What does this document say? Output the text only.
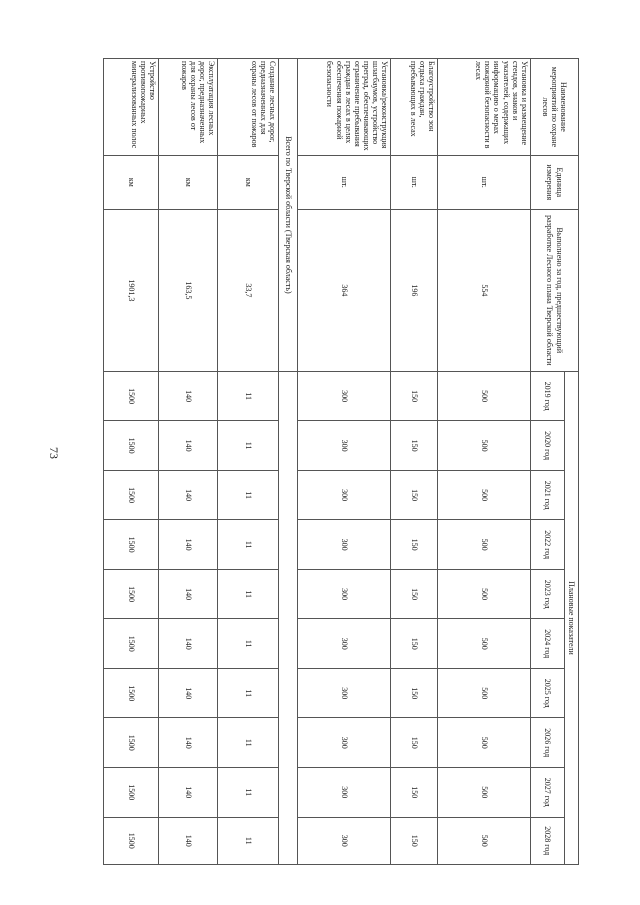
73
Наименование мероприятий по охране лесов	Единица измерения	Выполнено за год, предшествующий разработке Лесного плана Тверской области	Плановые показатели									
			2019 год	2020 год	2021 год	2022 год	2023 год	2024 год	2025 год	2026 год	2027 год	2028 год
Установка и размещение стендов, знаков и указателей, содержащих информацию о мерах пожарной безопасности в лесах	шт.	554	500	500	500	500	500	500	500	500	500	500
Благоустройство зон отдыха граждан, пребывающих в лесах	шт.	196	150	150	150	150	150	150	150	150	150	150
Установка/реконструкция шлагбаумов, устройство преград, обеспечивающих ограничение пребывания граждан в лесах в целях обеспечения пожарной безопасности	шт.	364	300	300	300	300	300	300	300	300	300	300
Всего по Тверской области (Тверская область)												
Создание лесных дорог, предназначенных для охраны лесов от пожаров	км	33,7	11	11	11	11	11	11	11	11	11	11
Эксплуатация лесных дорог, предназначенных для охраны лесов от пожаров	км	163,5	140	140	140	140	140	140	140	140	140	140
Устройство противопожарных минерализованных полос	км	1901,3	1500	1500	1500	1500	1500	1500	1500	1500	1500	1500
